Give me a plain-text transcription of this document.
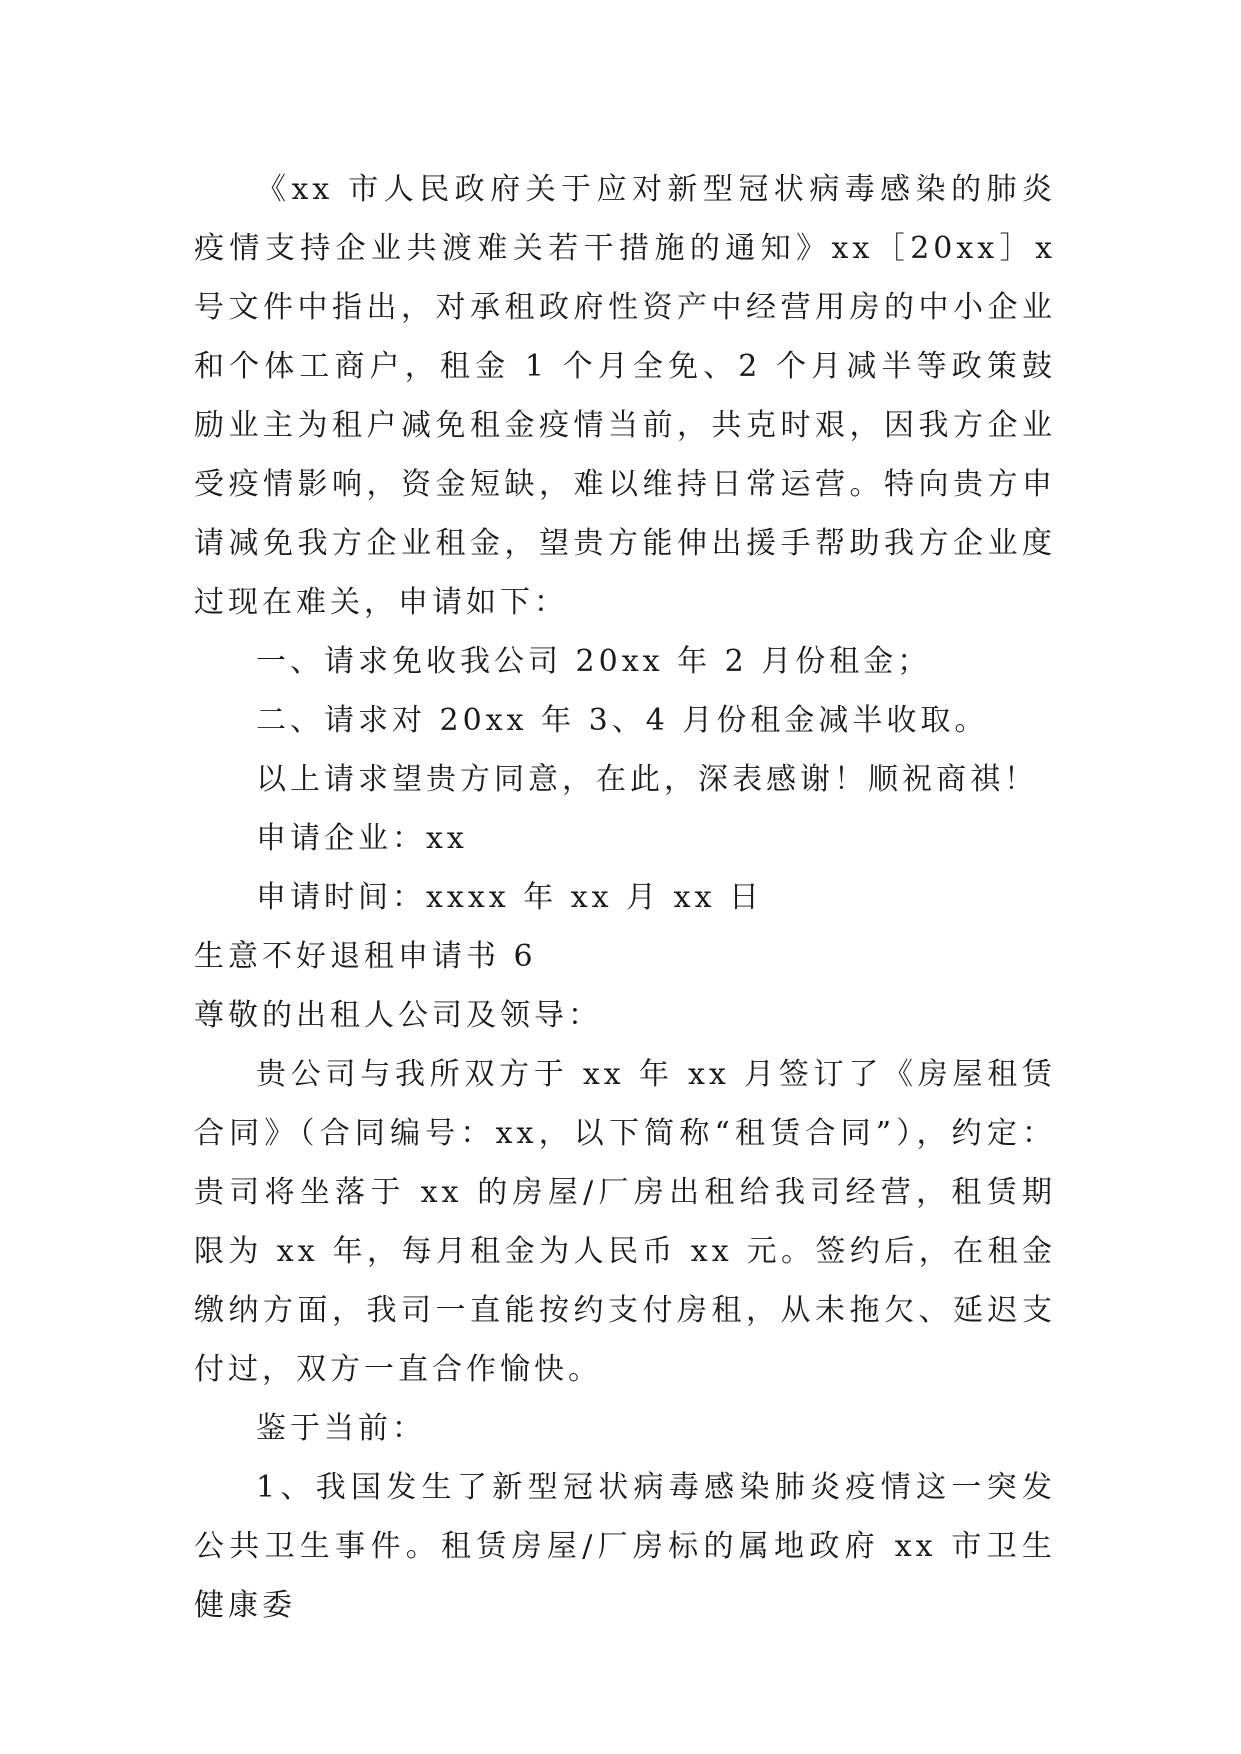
《xx 市人民政府关于应对新型冠状病毒感染的肺炎疫情支持企业共渡难关若干措施的通知》xx［20xx］x 号文件中指出，对承租政府性资产中经营用房的中小企业和个体工商户，租金 1 个月全免、2 个月减半等政策鼓励业主为租户减免租金疫情当前，共克时艰，因我方企业受疫情影响，资金短缺，难以维持日常运营。特向贵方申请减免我方企业租金，望贵方能伸出援手帮助我方企业度过现在难关，申请如下：

一、请求免收我公司 20xx 年 2 月份租金；

二、请求对 20xx 年 3、4 月份租金减半收取。

以上请求望贵方同意，在此，深表感谢！顺祝商祺！

申请企业：xx

申请时间：xxxx 年 xx 月 xx 日

生意不好退租申请书 6

尊敬的出租人公司及领导：

贵公司与我所双方于 xx 年 xx 月签订了《房屋租赁合同》（合同编号：xx，以下简称“租赁合同”），约定：贵司将坐落于 xx 的房屋/厂房出租给我司经营，租赁期限为 xx 年，每月租金为人民币 xx 元。签约后，在租金缴纳方面，我司一直能按约支付房租，从未拖欠、延迟支付过，双方一直合作愉快。

鉴于当前：

1、我国发生了新型冠状病毒感染肺炎疫情这一突发公共卫生事件。租赁房屋/厂房标的属地政府 xx 市卫生健康委
